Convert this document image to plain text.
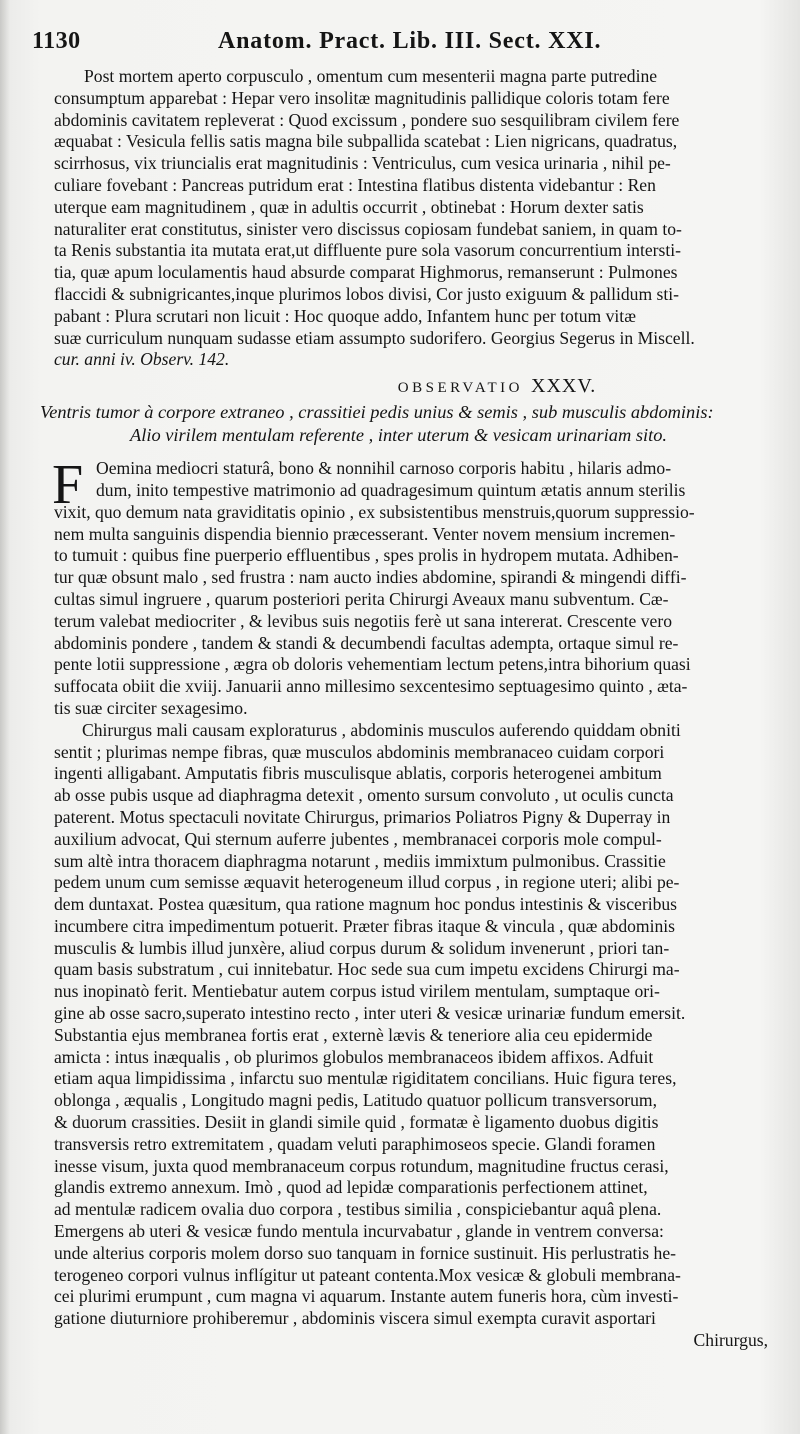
1130	Anatom. Pract. Lib. III. Sect. XXI.
Post mortem aperto corpusculo , omentum cum mesenterii magna parte putredine
consumptum apparebat : Hepar vero insolitæ magnitudinis pallidique coloris totam fere
abdominis cavitatem repleverat : Quod excissum , pondere suo sesquilibram civilem fere
æquabat : Vesicula fellis satis magna bile subpallida scatebat : Lien nigricans, quadratus,
scirrhosus, vix triuncialis erat magnitudinis : Ventriculus, cum vesica urinaria , nihil pe-
culiare fovebant : Pancreas putridum erat : Intestina flatibus distenta videbantur : Ren
uterque eam magnitudinem , quæ in adultis occurrit , obtinebat : Horum dexter satis
naturaliter erat constitutus, sinister vero discissus copiosam fundebat saniem, in quam to-
ta Renis substantia ita mutata erat,ut diffluente pure sola vasorum concurrentium intersti-
tia, quæ apum loculamentis haud absurde comparat Highmorus, remanserunt : Pulmones
flaccidi & subnigricantes,inque plurimos lobos divisi, Cor justo exiguum & pallidum sti-
pabant : Plura scrutari non licuit : Hoc quoque addo, Infantem hunc per totum vitæ
suæ curriculum nunquam sudasse etiam assumpto sudorifero. Georgius Segerus in Miscell.
cur. anni iv. Observ. 142.
OBSERVATIO XXXV.
Ventris tumor à corpore extraneo , crassitiei pedis unius & semis , sub musculis abdominis:
Alio virilem mentulam referente , inter uterum & vesicam urinariam sito.
F Oemina mediocri staturâ, bono & nonnihil carnoso corporis habitu , hilaris admo-
dum, inito tempestive matrimonio ad quadragesimum quintum ætatis annum sterilis
vixit, quo demum nata graviditatis opinio , ex subsistentibus menstruis,quorum suppressio-
nem multa sanguinis dispendia biennio præcesserant. Venter novem mensium incremen-
to tumuit : quibus fine puerperio effluentibus , spes prolis in hydropem mutata. Adhiben-
tur quæ obsunt malo , sed frustra : nam aucto indies abdomine, spirandi & mingendi diffi-
cultas simul ingruere , quarum posteriori perita Chirurgi Aveaux manu subventum. Cæ-
terum valebat mediocriter , & levibus suis negotiis ferè ut sana intererat. Crescente vero
abdominis pondere , tandem & standi & decumbendi facultas adempta, ortaque simul re-
pente lotii suppressione , ægra ob doloris vehementiam lectum petens,intra bihorium quasi
suffocata obiit die xviij. Januarii anno millesimo sexcentesimo septuagesimo quinto , æta-
tis suæ circiter sexagesimo.
Chirurgus mali causam exploraturus , abdominis musculos auferendo quiddam obniti
sentit ; plurimas nempe fibras, quæ musculos abdominis membranaceo cuidam corpori
ingenti alligabant. Amputatis fibris musculisque ablatis, corporis heterogenei ambitum
ab osse pubis usque ad diaphragma detexit , omento sursum convoluto , ut oculis cuncta
paterent. Motus spectaculi novitate Chirurgus, primarios Poliatros Pigny & Duperray in
auxilium advocat, Qui sternum auferre jubentes , membranacei corporis mole compul-
sum altè intra thoracem diaphragma notarunt , mediis immixtum pulmonibus. Crassitie
pedem unum cum semisse æquavit heterogeneum illud corpus , in regione uteri; alibi pe-
dem duntaxat. Postea quæsitum, qua ratione magnum hoc pondus intestinis & visceribus
incumbere citra impedimentum potuerit. Præter fibras itaque & vincula , quæ abdominis
musculis & lumbis illud junxère, aliud corpus durum & solidum invenerunt , priori tan-
quam basis substratum , cui innitebatur. Hoc sede sua cum impetu excidens Chirurgi ma-
nus inopinatò ferit. Mentiebatur autem corpus istud virilem mentulam, sumptaque ori-
gine ab osse sacro,superato intestino recto , inter uteri & vesicæ urinariæ fundum emersit.
Substantia ejus membranea fortis erat , externè lævis & teneriore alia ceu epidermide
amicta : intus inæqualis , ob plurimos globulos membranaceos ibidem affixos. Adfuit
etiam aqua limpidissima , infarctu suo mentulæ rigiditatem concilians. Huic figura teres,
oblonga , æqualis , Longitudo magni pedis, Latitudo quatuor pollicum transversorum,
& duorum crassities. Desiit in glandi simile quid , formatæ è ligamento duobus digitis
transversis retro extremitatem , quadam veluti paraphimoseos specie. Glandi foramen
inesse visum, juxta quod membranaceum corpus rotundum, magnitudine fructus cerasi,
glandis extremo annexum. Imò , quod ad lepidæ comparationis perfectionem attinet,
ad mentulæ radicem ovalia duo corpora , testibus similia , conspiciebantur aquâ plena.
Emergens ab uteri & vesicæ fundo mentula incurvabatur , glande in ventrem conversa:
unde alterius corporis molem dorso suo tanquam in fornice sustinuit. His perlustratis he-
terogeneo corpori vulnus inflígitur ut pateant contenta.Mox vesicæ & globuli membrana-
cei plurimi erumpunt , cum magna vi aquarum. Instante autem funeris hora, cùm investi-
gatione diuturniore prohiberemur , abdominis viscera simul exempta curavit asportari
Chirurgus,
